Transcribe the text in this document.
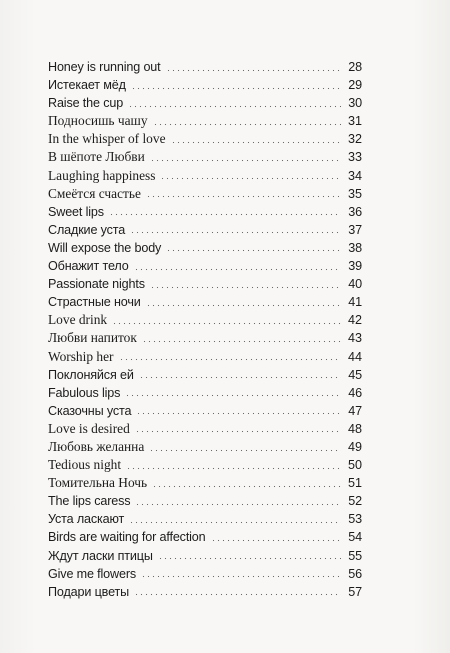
Honey is running out	28
Истекает мёд	29
Raise the cup	30
Подносишь чашу	31
In the whisper of love	32
В шёпоте Любви	33
Laughing happiness	34
Смеётся счастье	35
Sweet lips	36
Сладкие уста	37
Will expose the body	38
Обнажит тело	39
Passionate nights	40
Страстные ночи	41
Love drink	42
Любви напиток	43
Worship her	44
Поклоняйся ей	45
Fabulous lips	46
Сказочны уста	47
Love is desired	48
Любовь желанна	49
Tedious night	50
Томительна Ночь	51
The lips caress	52
Уста ласкают	53
Birds are waiting for affection	54
Ждут ласки птицы	55
Give me flowers	56
Подари цветы	57
